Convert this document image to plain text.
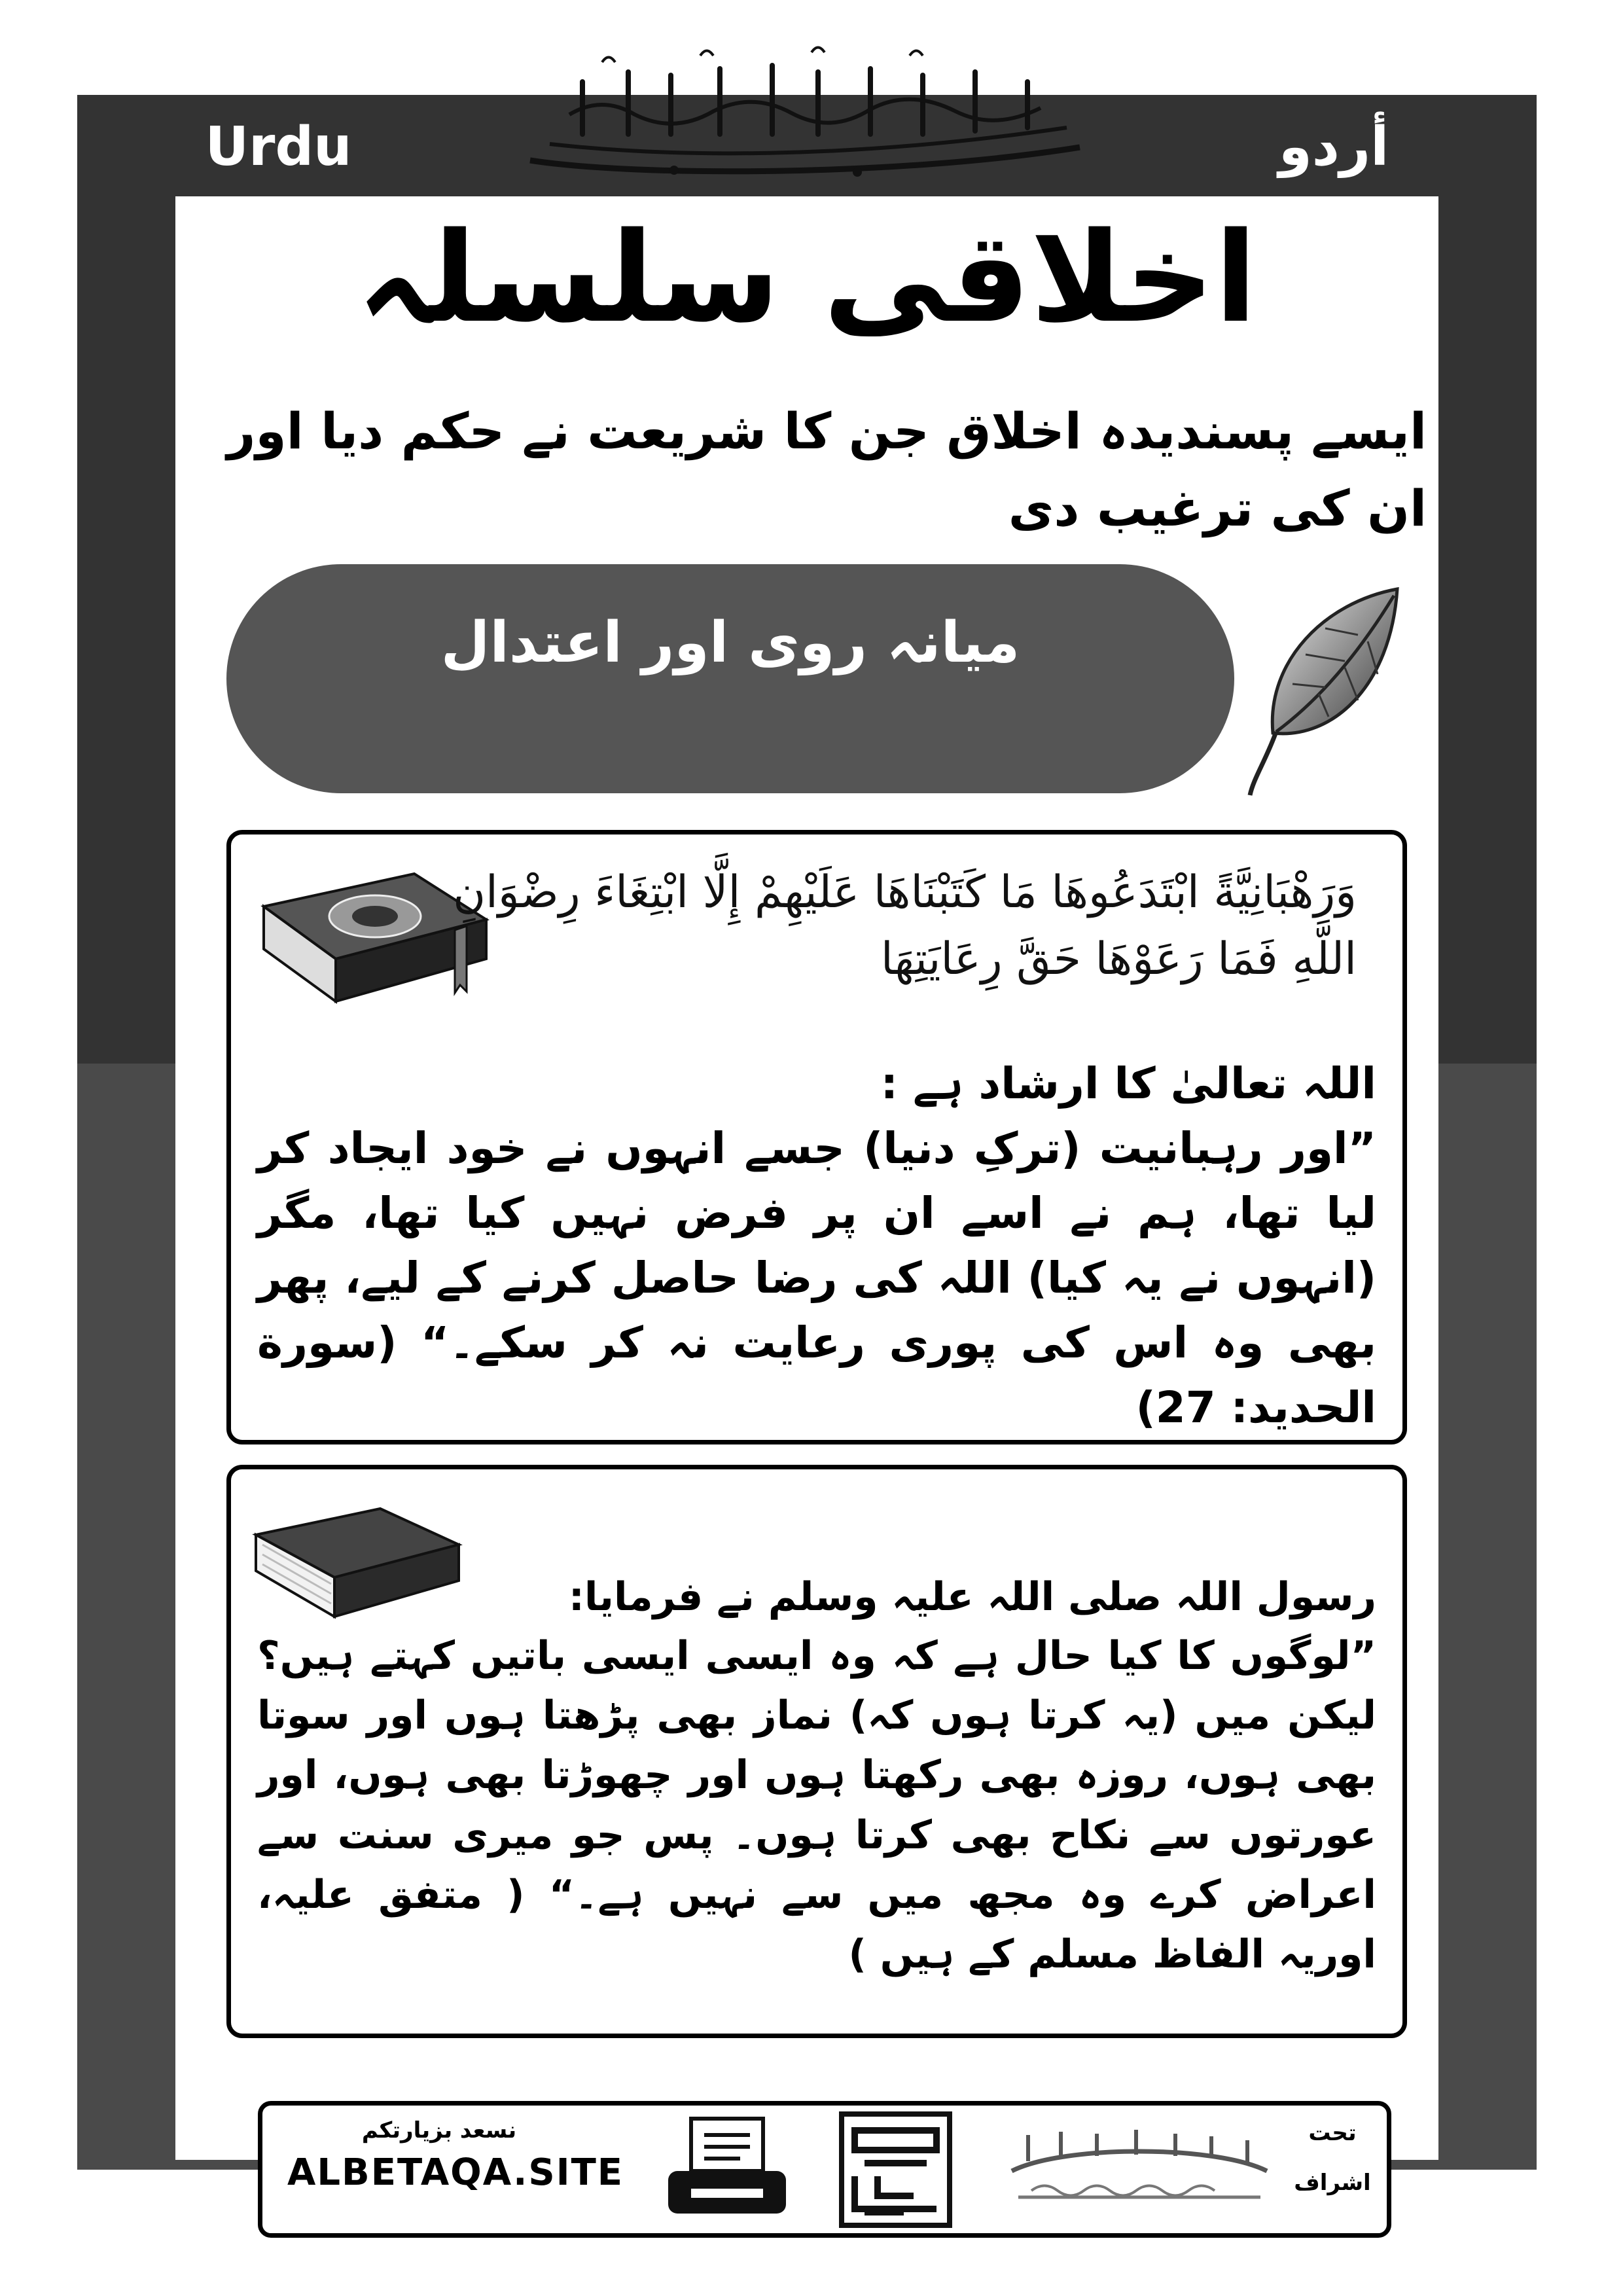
Urdu	أردو
اخلاقی سلسلہ
ایسے پسندیدہ اخلاق جن کا شریعت نے حکم دیا اور ان کی ترغیب دی
میانہ روی اور اعتدال
وَرَهْبَانِيَّةً ابْتَدَعُوهَا مَا كَتَبْنَاهَا عَلَيْهِمْ إِلَّا ابْتِغَاءَ رِضْوَانِ اللَّهِ فَمَا رَعَوْهَا حَقَّ رِعَايَتِهَا
اللہ تعالیٰ کا ارشاد ہے :
”اور رہبانیت (ترکِ دنیا) جسے انہوں نے خود ایجاد کر لیا تھا، ہم نے اسے ان پر فرض نہیں کیا تھا، مگر (انہوں نے یہ کیا) اللہ کی رضا حاصل کرنے کے لیے، پھر بھی وہ اس کی پوری رعایت نہ کر سکے۔“ (سورة الحديد: 27)
رسول اللہ صلی اللہ علیہ وسلم نے فرمایا:
”لوگوں کا کیا حال ہے کہ وہ ایسی ایسی باتیں کہتے ہیں؟ لیکن میں (یہ کرتا ہوں کہ) نماز بھی پڑھتا ہوں اور سوتا بھی ہوں، روزہ بھی رکھتا ہوں اور چھوڑتا بھی ہوں، اور عورتوں سے نکاح بھی کرتا ہوں۔ پس جو میری سنت سے اعراض کرے وہ مجھ میں سے نہیں ہے۔“ ( متفق علیہ، اوریہ الفاظ مسلم کے ہیں )
نسعد بزيارتكم
ALBETAQA.SITE
تحت
اشراف
